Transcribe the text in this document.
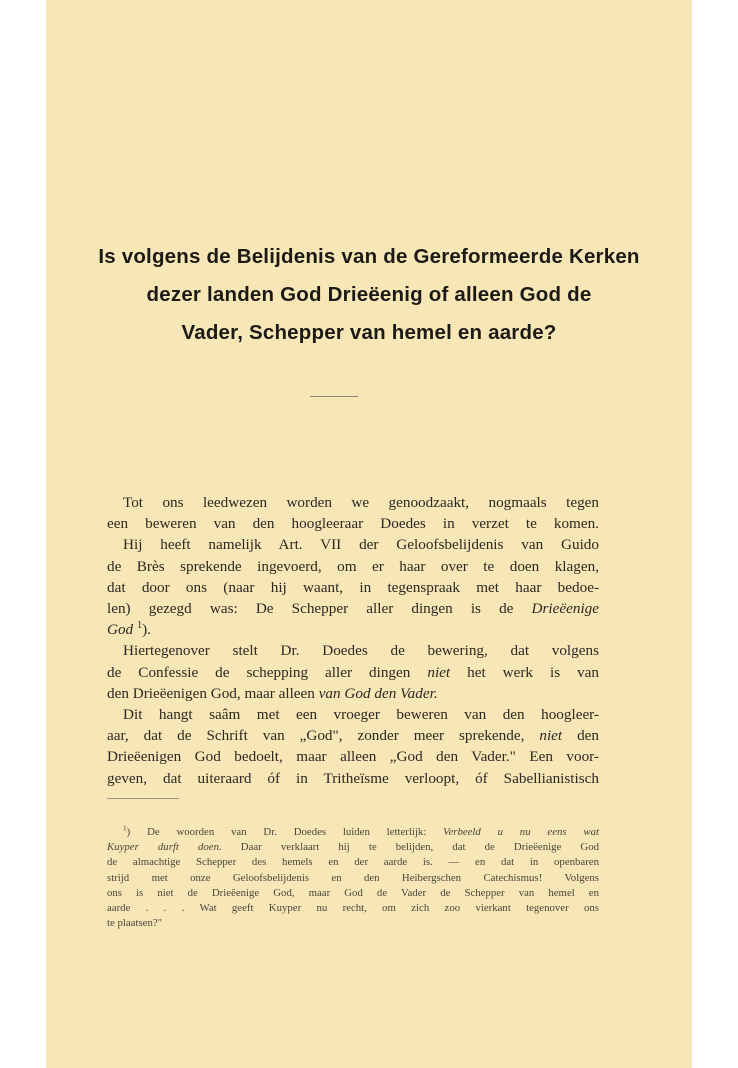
Is volgens de Belijdenis van de Gereformeerde Kerken
dezer landen God Drieëenig of alleen God de
Vader, Schepper van hemel en aarde?
Tot ons leedwezen worden we genoodzaakt, nogmaals tegen
een beweren van den hoogleeraar Doedes in verzet te komen.
Hij heeft namelijk Art. VII der Geloofsbelijdenis van Guido
de Brès sprekende ingevoerd, om er haar over te doen klagen,
dat door ons (naar hij waant, in tegenspraak met haar bedoe-
len) gezegd was: De Schepper aller dingen is de Drieëenige
God $^1$).
Hiertegenover stelt Dr. Doedes de bewering, dat volgens
de Confessie de schepping aller dingen niet het werk is van
den Drieëenigen God, maar alleen van God den Vader.
Dit hangt saâm met een vroeger beweren van den hoogleer-
aar, dat de Schrift van „God", zonder meer sprekende, niet den
Drieëenigen God bedoelt, maar alleen „God den Vader." Een voor-
geven, dat uiteraard óf in Tritheïsme verloopt, óf Sabellianistisch
$^1$) De woorden van Dr. Doedes luiden letterlijk: Verbeeld u nu eens wat
Kuyper durft doen. Daar verklaart hij te belijden, dat de Drieëenige God
de almachtige Schepper des hemels en der aarde is. — en dat in openbaren
strijd met onze Geloofsbelijdenis en den Heibergschen Catechismus! Volgens
ons is niet de Drieëenige God, maar God de Vader de Schepper van hemel en
aarde . . . Wat geeft Kuyper nu recht, om zich zoo vierkant tegenover ons
te plaatsen?"
